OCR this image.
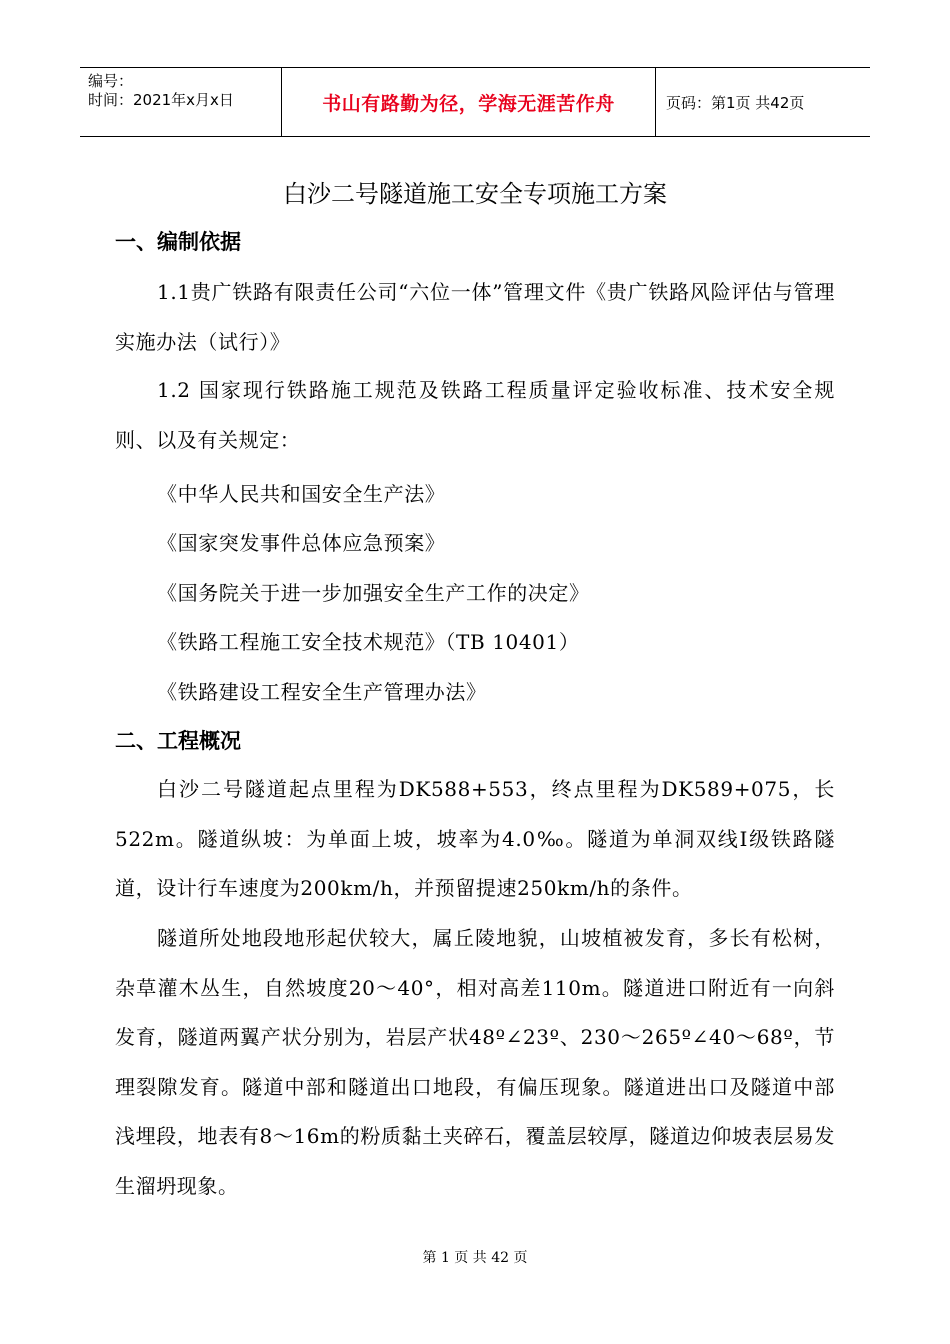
编号：
时间：2021年x月x日	书山有路勤为径，学海无涯苦作舟	页码：第1页 共42页
白沙二号隧道施工安全专项施工方案
一、编制依据
1.1贵广铁路有限责任公司“六位一体”管理文件《贵广铁路风险评估与管理实施办法（试行）》
1.2 国家现行铁路施工规范及铁路工程质量评定验收标准、技术安全规则、以及有关规定：
《中华人民共和国安全生产法》
《国家突发事件总体应急预案》
《国务院关于进一步加强安全生产工作的决定》
《铁路工程施工安全技术规范》（TB 10401）
《铁路建设工程安全生产管理办法》
二、工程概况
白沙二号隧道起点里程为DK588+553，终点里程为DK589+075，长522m。隧道纵坡：为单面上坡，坡率为4.0‰。隧道为单洞双线Ⅰ级铁路隧道，设计行车速度为200km/h，并预留提速250km/h的条件。
隧道所处地段地形起伏较大，属丘陵地貌，山坡植被发育，多长有松树，杂草灌木丛生，自然坡度20～40°，相对高差110m。隧道进口附近有一向斜发育，隧道两翼产状分别为，岩层产状48º∠23º、230～265º∠40～68º，节理裂隙发育。隧道中部和隧道出口地段，有偏压现象。隧道进出口及隧道中部浅埋段，地表有8～16m的粉质黏土夹碎石，覆盖层较厚，隧道边仰坡表层易发生溜坍现象。
第 1 页 共 42 页
